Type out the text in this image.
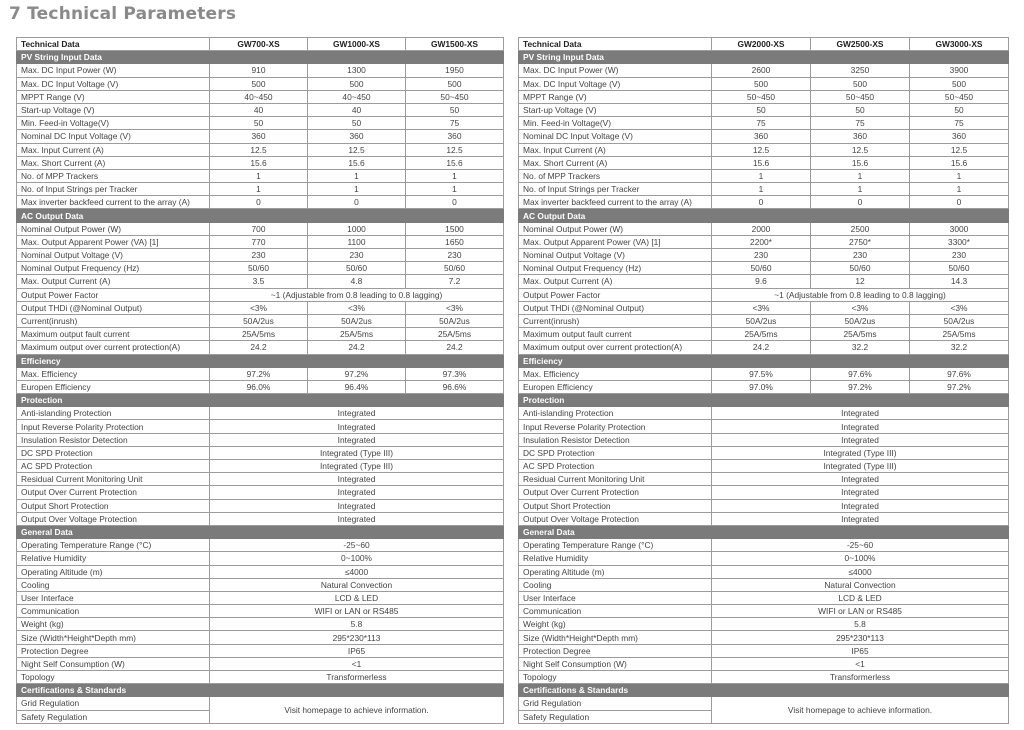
7 Technical Parameters
Technical Data	GW700-XS	GW1000-XS	GW1500-XS
PV String Input Data			
Max. DC Input Power (W)	910	1300	1950
Max. DC Input Voltage (V)	500	500	500
MPPT Range (V)	40~450	40~450	50~450
Start-up Voltage (V)	40	40	50
Min. Feed-in Voltage(V)	50	50	75
Nominal DC Input Voltage (V)	360	360	360
Max. Input Current (A)	12.5	12.5	12.5
Max. Short Current (A)	15.6	15.6	15.6
No. of MPP Trackers	1	1	1
No. of Input Strings per Tracker	1	1	1
Max inverter backfeed current to the array (A)	0	0	0
AC Output Data			
Nominal Output Power (W)	700	1000	1500
Max. Output Apparent Power (VA) [1]	770	1100	1650
Nominal Output Voltage (V)	230	230	230
Nominal Output Frequency (Hz)	50/60	50/60	50/60
Max. Output Current (A)	3.5	4.8	7.2
Output Power Factor	~1 (Adjustable from 0.8 leading to 0.8 lagging)		
Output THDi (@Nominal Output)	<3%	<3%	<3%
Current(inrush)	50A/2us	50A/2us	50A/2us
Maximum output fault current	25A/5ms	25A/5ms	25A/5ms
Maximum output over current protection(A)	24.2	24.2	24.2
Efficiency			
Max. Efficiency	97.2%	97.2%	97.3%
Europen Efficiency	96.0%	96.4%	96.6%
Protection			
Anti-islanding Protection	Integrated		
Input Reverse Polarity Protection	Integrated		
Insulation Resistor Detection	Integrated		
DC SPD Protection	Integrated (Type III)		
AC SPD Protection	Integrated (Type III)		
Residual Current Monitoring Unit	Integrated		
Output Over Current Protection	Integrated		
Output Short Protection	Integrated		
Output Over Voltage Protection	Integrated		
General Data			
Operating Temperature Range (°C)	-25~60		
Relative Humidity	0~100%		
Operating Altitude (m)	≤4000		
Cooling	Natural Convection		
User Interface	LCD & LED		
Communication	WIFI or LAN or RS485		
Weight (kg)	5.8		
Size (Width*Height*Depth mm)	295*230*113		
Protection Degree	IP65		
Night Self Consumption (W)	<1		
Topology	Transformerless		
Certifications & Standards			
Grid Regulation	Visit homepage to achieve information.		
Safety Regulation			
Technical Data	GW2000-XS	GW2500-XS	GW3000-XS
PV String Input Data			
Max. DC Input Power (W)	2600	3250	3900
Max. DC Input Voltage (V)	500	500	500
MPPT Range (V)	50~450	50~450	50~450
Start-up Voltage (V)	50	50	50
Min. Feed-in Voltage(V)	75	75	75
Nominal DC Input Voltage (V)	360	360	360
Max. Input Current (A)	12.5	12.5	12.5
Max. Short Current (A)	15.6	15.6	15.6
No. of MPP Trackers	1	1	1
No. of Input Strings per Tracker	1	1	1
Max inverter backfeed current to the array (A)	0	0	0
AC Output Data			
Nominal Output Power (W)	2000	2500	3000
Max. Output Apparent Power (VA) [1]	2200*	2750*	3300*
Nominal Output Voltage (V)	230	230	230
Nominal Output Frequency (Hz)	50/60	50/60	50/60
Max. Output Current (A)	9.6	12	14.3
Output Power Factor	~1 (Adjustable from 0.8 leading to 0.8 lagging)		
Output THDi (@Nominal Output)	<3%	<3%	<3%
Current(inrush)	50A/2us	50A/2us	50A/2us
Maximum output fault current	25A/5ms	25A/5ms	25A/5ms
Maximum output over current protection(A)	24.2	32.2	32.2
Efficiency			
Max. Efficiency	97.5%	97.6%	97.6%
Europen Efficiency	97.0%	97.2%	97.2%
Protection			
Anti-islanding Protection	Integrated		
Input Reverse Polarity Protection	Integrated		
Insulation Resistor Detection	Integrated		
DC SPD Protection	Integrated (Type III)		
AC SPD Protection	Integrated (Type III)		
Residual Current Monitoring Unit	Integrated		
Output Over Current Protection	Integrated		
Output Short Protection	Integrated		
Output Over Voltage Protection	Integrated		
General Data			
Operating Temperature Range (°C)	-25~60		
Relative Humidity	0~100%		
Operating Altitude (m)	≤4000		
Cooling	Natural Convection		
User Interface	LCD & LED		
Communication	WIFI or LAN or RS485		
Weight (kg)	5.8		
Size (Width*Height*Depth mm)	295*230*113		
Protection Degree	IP65		
Night Self Consumption (W)	<1		
Topology	Transformerless		
Certifications & Standards			
Grid Regulation	Visit homepage to achieve information.		
Safety Regulation			
